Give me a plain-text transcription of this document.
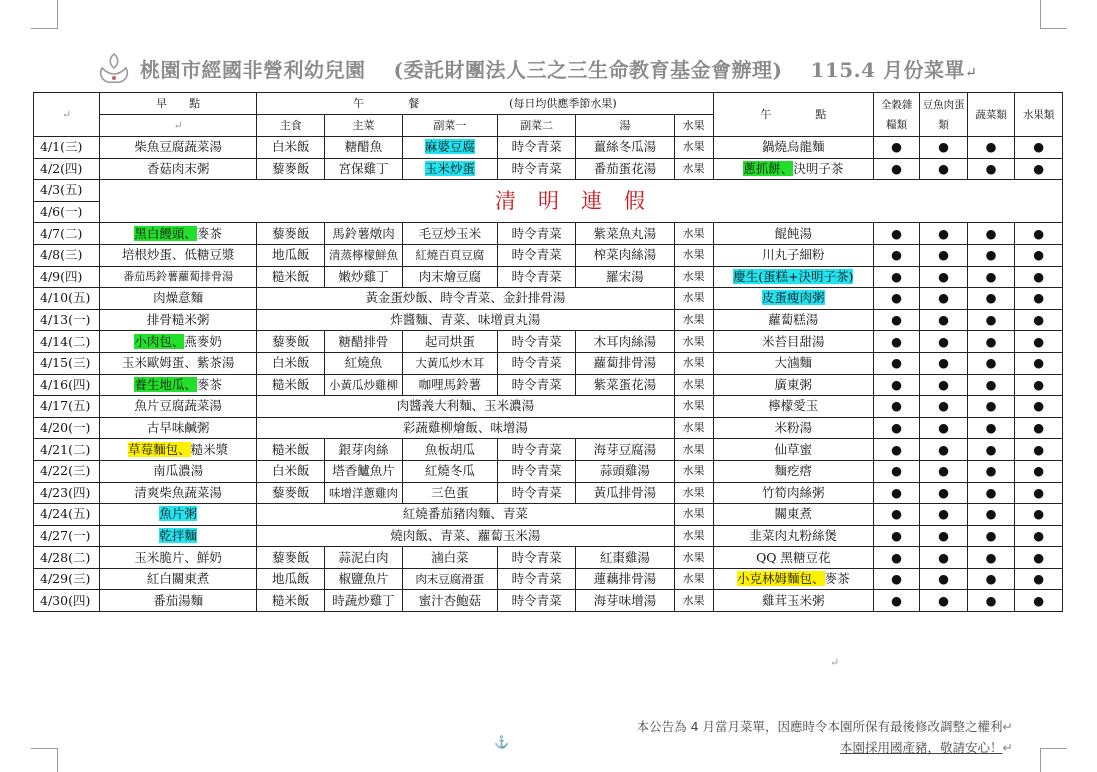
桃園市經國非營利幼兒園 (委託財團法人三之三生命教育基金會辦理) 115.4 月份菜單↵
↵	早　　點	午　　　　餐 (每日均供應季節水果)						午　　　　點	全穀雜糧類	豆魚肉蛋類	蔬菜類	水果類
	↵	主食	主菜	副菜一	副菜二	湯	水果					
4/1(三)	柴魚豆腐蔬菜湯	白米飯	糖醋魚	麻婆豆腐	時令青菜	薑絲冬瓜湯	水果	鍋燒烏龍麵	●	●	●	●
4/2(四)	香菇肉末粥	藜麥飯	宮保雞丁	玉米炒蛋	時令青菜	番茄蛋花湯	水果	蔥抓餅、決明子茶	●	●	●	●
4/3(五)	清明連假											
4/6(一)												
4/7(二)	黑白饅頭、麥茶	藜麥飯	馬鈴薯燉肉	毛豆炒玉米	時令青菜	紫菜魚丸湯	水果	餛飩湯	●	●	●	●
4/8(三)	培根炒蛋、低糖豆漿	地瓜飯	清蒸檸檬鮮魚	紅燒百頁豆腐	時令青菜	榨菜肉絲湯	水果	川丸子細粉	●	●	●	●
4/9(四)	番茄馬鈴薯蘿蔔排骨湯	糙米飯	嫩炒雞丁	肉末燴豆腐	時令青菜	羅宋湯	水果	慶生(蛋糕+決明子茶)	●	●	●	●
4/10(五)	肉燥意麵	黃金蛋炒飯、時令青菜、金針排骨湯					水果	皮蛋瘦肉粥	●	●	●	●
4/13(一)	排骨糙米粥	炸醬麵、青菜、味增貢丸湯					水果	蘿蔔糕湯	●	●	●	●
4/14(二)	小肉包、燕麥奶	藜麥飯	糖醋排骨	起司烘蛋	時令青菜	木耳肉絲湯	水果	米苔目甜湯	●	●	●	●
4/15(三)	玉米歐姆蛋、紫茶湯	白米飯	紅燒魚	大黃瓜炒木耳	時令青菜	蘿蔔排骨湯	水果	大滷麵	●	●	●	●
4/16(四)	養生地瓜、麥茶	糙米飯	小黃瓜炒雞柳	咖哩馬鈴薯	時令青菜	紫菜蛋花湯	水果	廣東粥	●	●	●	●
4/17(五)	魚片豆腐蔬菜湯	肉醬義大利麵、玉米濃湯					水果	檸檬愛玉	●	●	●	●
4/20(一)	古早味鹹粥	彩蔬雞柳燴飯、味增湯					水果	米粉湯	●	●	●	●
4/21(二)	草莓麵包、糙米漿	糙米飯	銀芽肉絲	魚板胡瓜	時令青菜	海芽豆腐湯	水果	仙草蜜	●	●	●	●
4/22(三)	南瓜濃湯	白米飯	塔香鱸魚片	紅燒冬瓜	時令青菜	蒜頭雞湯	水果	麵疙瘩	●	●	●	●
4/23(四)	清爽柴魚蔬菜湯	藜麥飯	味增洋蔥雞肉	三色蛋	時令青菜	黃瓜排骨湯	水果	竹筍肉絲粥	●	●	●	●
4/24(五)	魚片粥	紅燒番茄豬肉麵、青菜					水果	關東煮	●	●	●	●
4/27(一)	乾拌麵	燒肉飯、青菜、蘿蔔玉米湯					水果	韭菜肉丸粉絲煲	●	●	●	●
4/28(二)	玉米脆片、鮮奶	藜麥飯	蒜泥白肉	滷白菜	時令青菜	紅棗雞湯	水果	QQ 黑糖豆花	●	●	●	●
4/29(三)	紅白關東煮	地瓜飯	椒鹽魚片	肉末豆腐滑蛋	時令青菜	蓮藕排骨湯	水果	小克林姆麵包、麥茶	●	●	●	●
4/30(四)	番茄湯麵	糙米飯	時蔬炒雞丁	蜜汁杏鮑菇	時令青菜	海芽味增湯	水果	雞茸玉米粥	●	●	●	●
↵
⚓
本公告為 4 月當月菜單，因應時令本園所保有最後修改調整之權利↵
本園採用國產豬，敬請安心！↵
